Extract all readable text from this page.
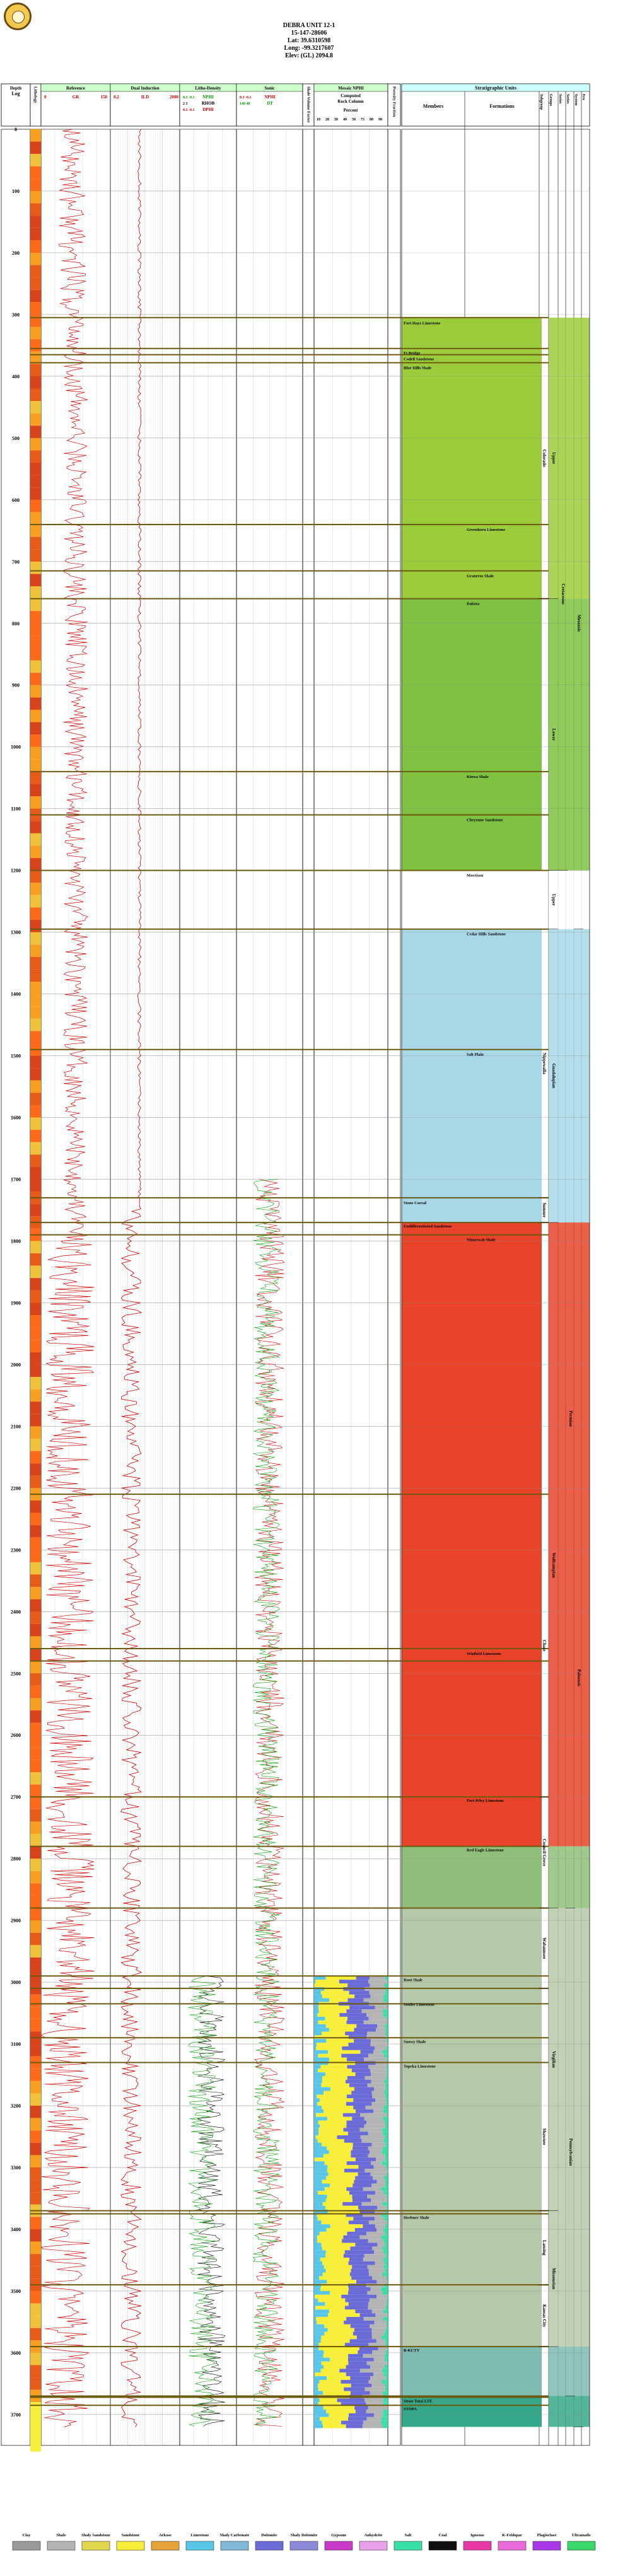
DEBRA UNIT 12-1
15-147-28606
Lat: 39.6310598
Long: -99.3217607
Elev: (GL) 2094.8
Depth	Reference	Dual Induction	Litho-Density	Sonic	Mosaic NPHI
Log
0	GR	150 0.2	ILD	2000	NPHI
0.3 -0.1
RHOB
2 3
DPHI
0.3 -0.1
NPHI
0.3 -0.1
DT
140 40
Computed
Rock Column
Percent
10 20 30 40 50 75 80 90
Lithology	Shale Volume Factor	Porosity Fraction	Stratigraphic Units
Members	Formations	Subgroup Groups Series Series System Era
0
100
200
300
400
500
600
700
800
900
1000
1100
1200
1300
1400
1500
1600
1700
1800
1900
2000
2100
2200
2300
2400
2500
2600
2700
2800
2900
3000
3100
3200
3300
3400
3500
3600
3700
Fort Hays Limestone
Ft Bridge
Codell Sandstone
Blue Hills Shale
Stone Corral
Undifferentiated Sandstone
Root Shale
Stotler Limestone
Snowy Shale
Topeka Limestone
Heebner Shale
B-KCTY
Stone Total LTE
STOPA
Greenhorn Limestone
Graneros Shale
Dakota
Kiowa Shale
Cheyenne Sandstone
Morrison
Cedar Hills Sandstone
Salt Plain
Ninnescah Shale
Winfield Limestone
Fort Riley Limestone
Red Eagle Limestone
Colorado Upper
Cretaceous
Lower
Upper
Nippewalla
Sumner
Guadalupian
Permian
Chase
Council Grove
Wolfcampian
Wabaunsee
Shawnee
Virgilian
Lansing
Kansas City
Missourian
Pennsylvanian
Mesozoic
Paleozoic
Clay	Shale	Shaly Sandstone	Sandstone	Arkose	Limestone	Shaly Carbonate	Dolomite	Shaly Dolomite	Gypsum	Anhydrite	Salt	Coal	Igneous	K-Feldspar	Plagioclase	Ultramafic
